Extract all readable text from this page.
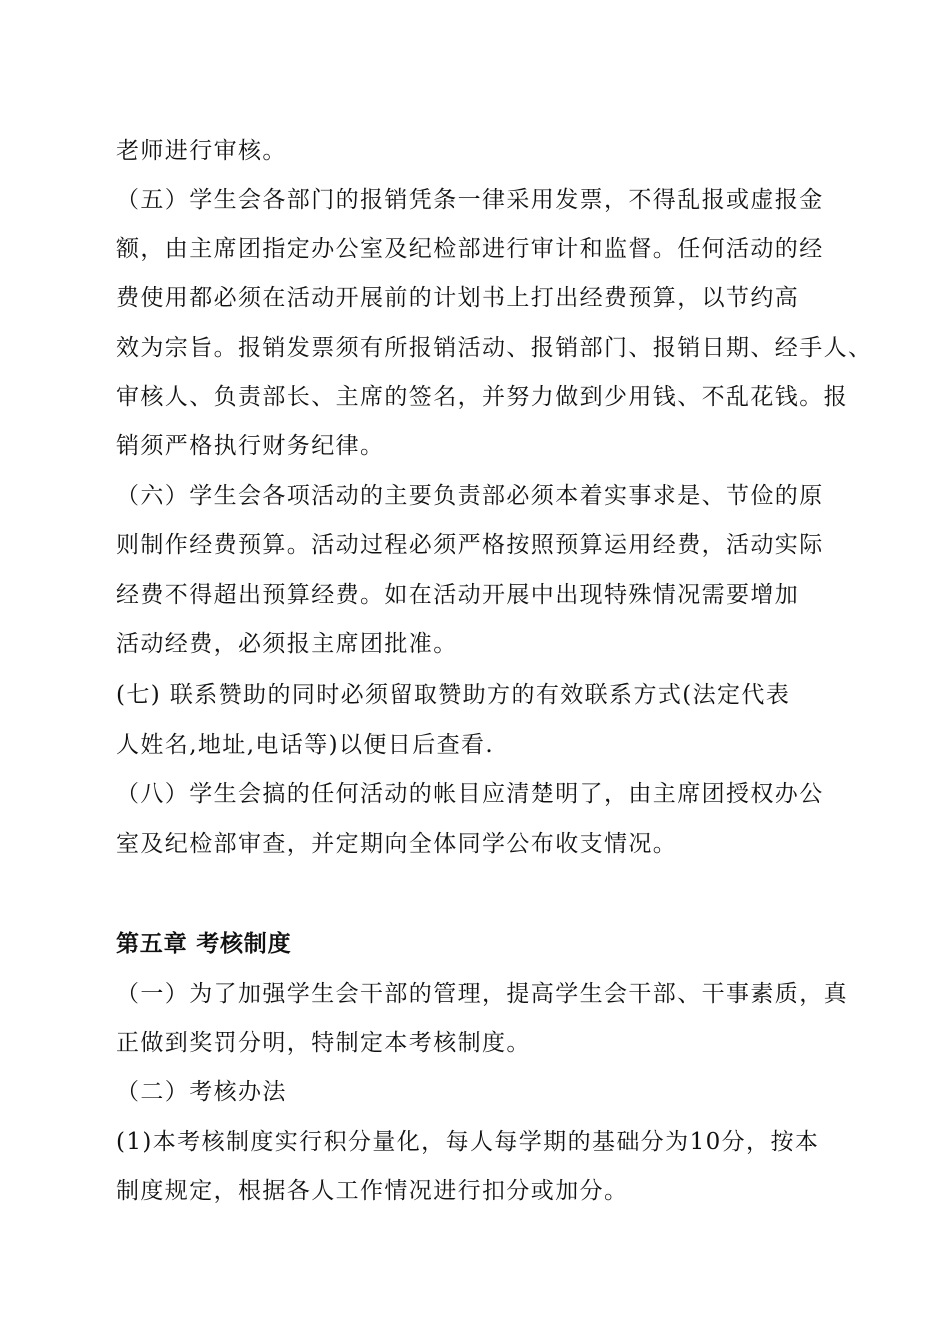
老师进行审核。
（五）学生会各部门的报销凭条一律采用发票，不得乱报或虚报金
额，由主席团指定办公室及纪检部进行审计和监督。任何活动的经
费使用都必须在活动开展前的计划书上打出经费预算，以节约高
效为宗旨。报销发票须有所报销活动、报销部门、报销日期、经手人、
审核人、负责部长、主席的签名，并努力做到少用钱、不乱花钱。报
销须严格执行财务纪律。
（六）学生会各项活动的主要负责部必须本着实事求是、节俭的原
则制作经费预算。活动过程必须严格按照预算运用经费，活动实际
经费不得超出预算经费。如在活动开展中出现特殊情况需要增加
活动经费，必须报主席团批准。
(七) 联系赞助的同时必须留取赞助方的有效联系方式(法定代表
人姓名,地址,电话等)以便日后查看.
（八）学生会搞的任何活动的帐目应清楚明了，由主席团授权办公
室及纪检部审查，并定期向全体同学公布收支情况。
第五章 考核制度
（一）为了加强学生会干部的管理，提高学生会干部、干事素质，真
正做到奖罚分明，特制定本考核制度。
（二）考核办法
(1)本考核制度实行积分量化，每人每学期的基础分为10分，按本
制度规定，根据各人工作情况进行扣分或加分。
